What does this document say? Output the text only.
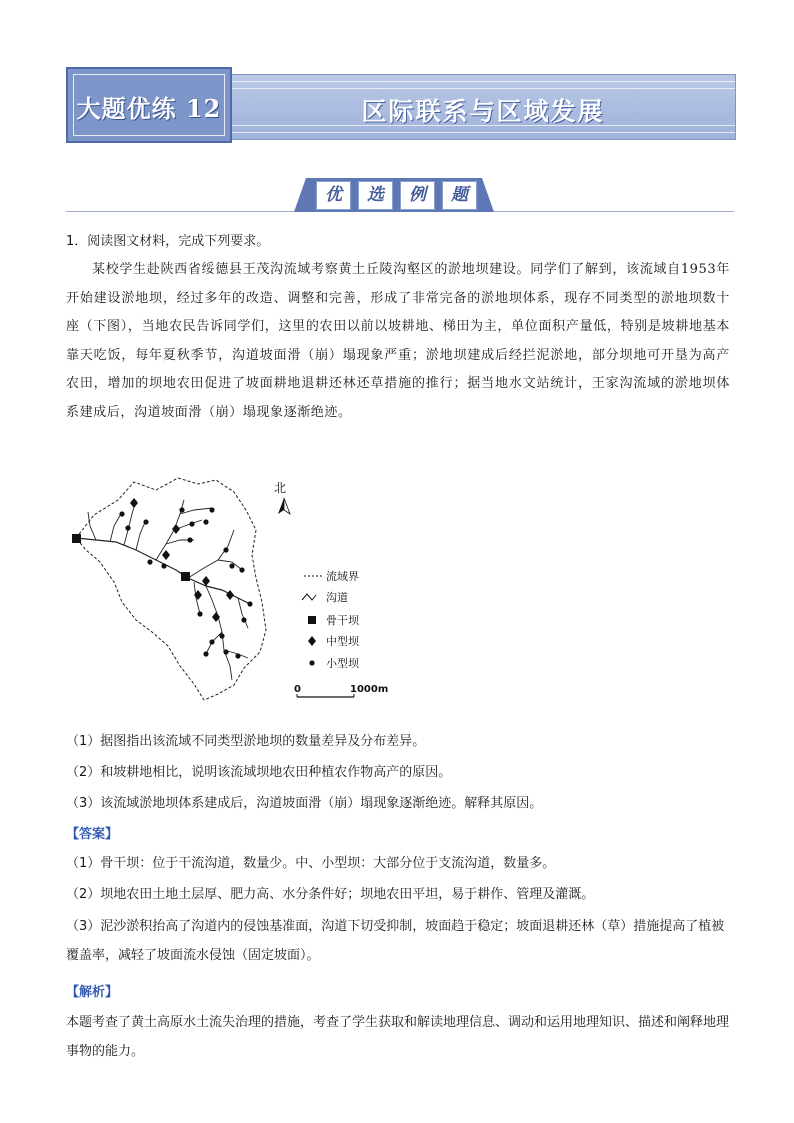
区际联系与区域发展
大题优练 12
优	选	例	题
1．阅读图文材料，完成下列要求。
某校学生赴陕西省绥德县王茂沟流域考察黄土丘陵沟壑区的淤地坝建设。同学们了解到，该流域自1953年开始建设淤地坝，经过多年的改造、调整和完善，形成了非常完备的淤地坝体系，现存不同类型的淤地坝数十座（下图），当地农民告诉同学们，这里的农田以前以坡耕地、梯田为主，单位面积产量低，特别是坡耕地基本靠天吃饭，每年夏秋季节，沟道坡面滑（崩）塌现象严重；淤地坝建成后经拦泥淤地，部分坝地可开垦为高产农田，增加的坝地农田促进了坡面耕地退耕还林还草措施的推行；据当地水文站统计，王家沟流域的淤地坝体系建成后，沟道坡面滑（崩）塌现象逐渐绝迹。
北
流域界
沟道
骨干坝
中型坝
小型坝
0	1000m
（1）据图指出该流域不同类型淤地坝的数量差异及分布差异。
（2）和坡耕地相比，说明该流域坝地农田种植农作物高产的原因。
（3）该流域淤地坝体系建成后，沟道坡面滑（崩）塌现象逐渐绝迹。解释其原因。
【答案】
（1）骨干坝：位于干流沟道，数量少。中、小型坝：大部分位于支流沟道，数量多。
（2）坝地农田土地土层厚、肥力高、水分条件好；坝地农田平坦，易于耕作、管理及灌溉。
（3）泥沙淤积抬高了沟道内的侵蚀基准面，沟道下切受抑制，坡面趋于稳定；坡面退耕还林（草）措施提高了植被覆盖率，减轻了坡面流水侵蚀（固定坡面）。
【解析】
本题考查了黄土高原水土流失治理的措施，考查了学生获取和解读地理信息、调动和运用地理知识、描述和阐释地理事物的能力。
